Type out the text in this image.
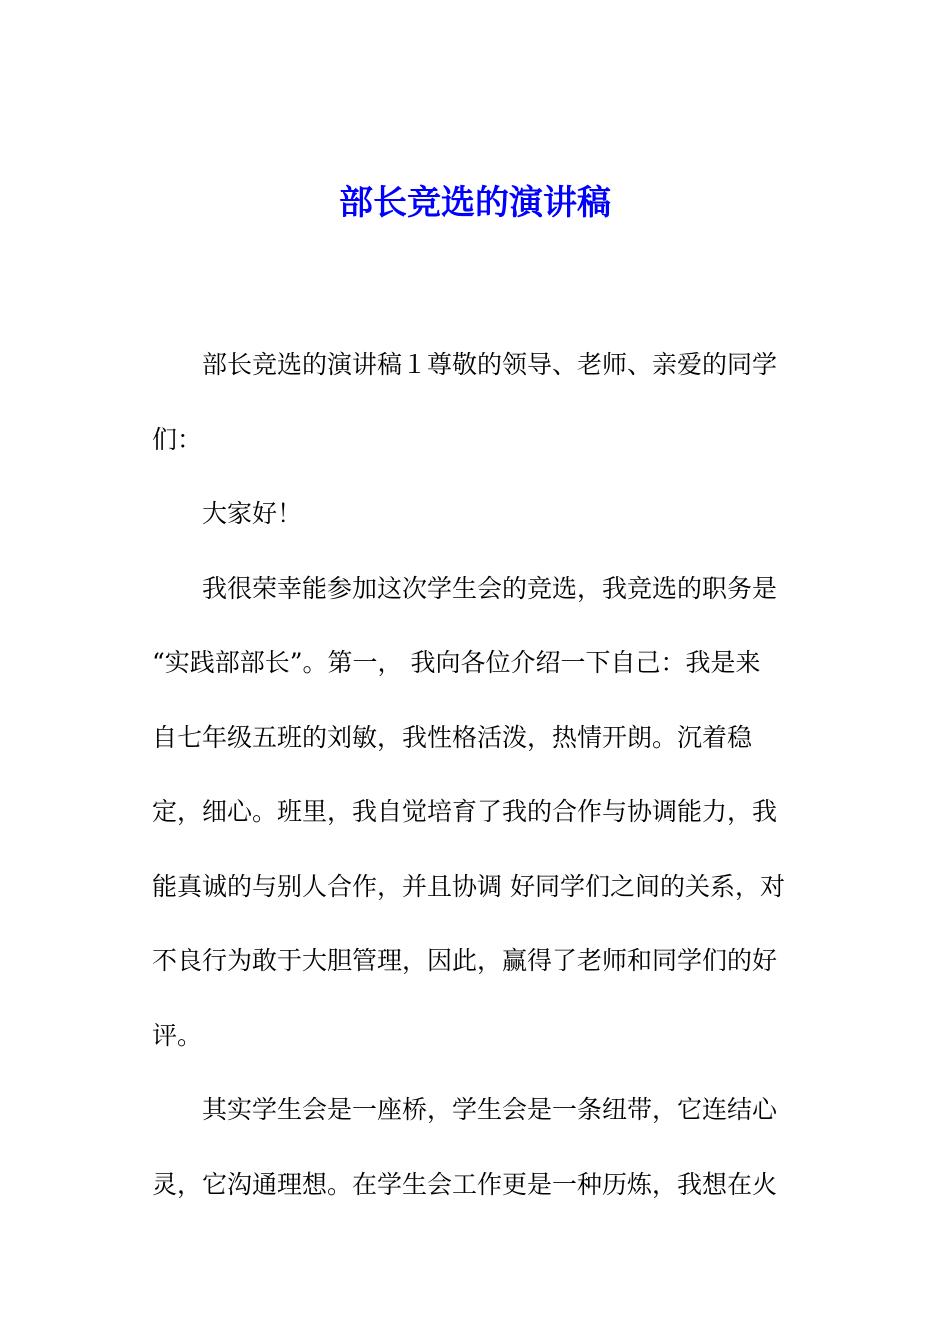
部长竞选的演讲稿

部长竞选的演讲稿１尊敬的领导、老师、亲爱的同学
们：

大家好！

我很荣幸能参加这次学生会的竞选，我竞选的职务是
“实践部部长”。第一， 我向各位介绍一下自己：我是来
自七年级五班的刘敏，我性格活泼，热情开朗。沉着稳
定，细心。班里，我自觉培育了我的合作与协调能力，我
能真诚的与别人合作，并且协调 好同学们之间的关系，对
不良行为敢于大胆管理，因此，赢得了老师和同学们的好
评。

其实学生会是一座桥，学生会是一条纽带，它连结心
灵，它沟通理想。在学生会工作更是一种历炼，我想在火
